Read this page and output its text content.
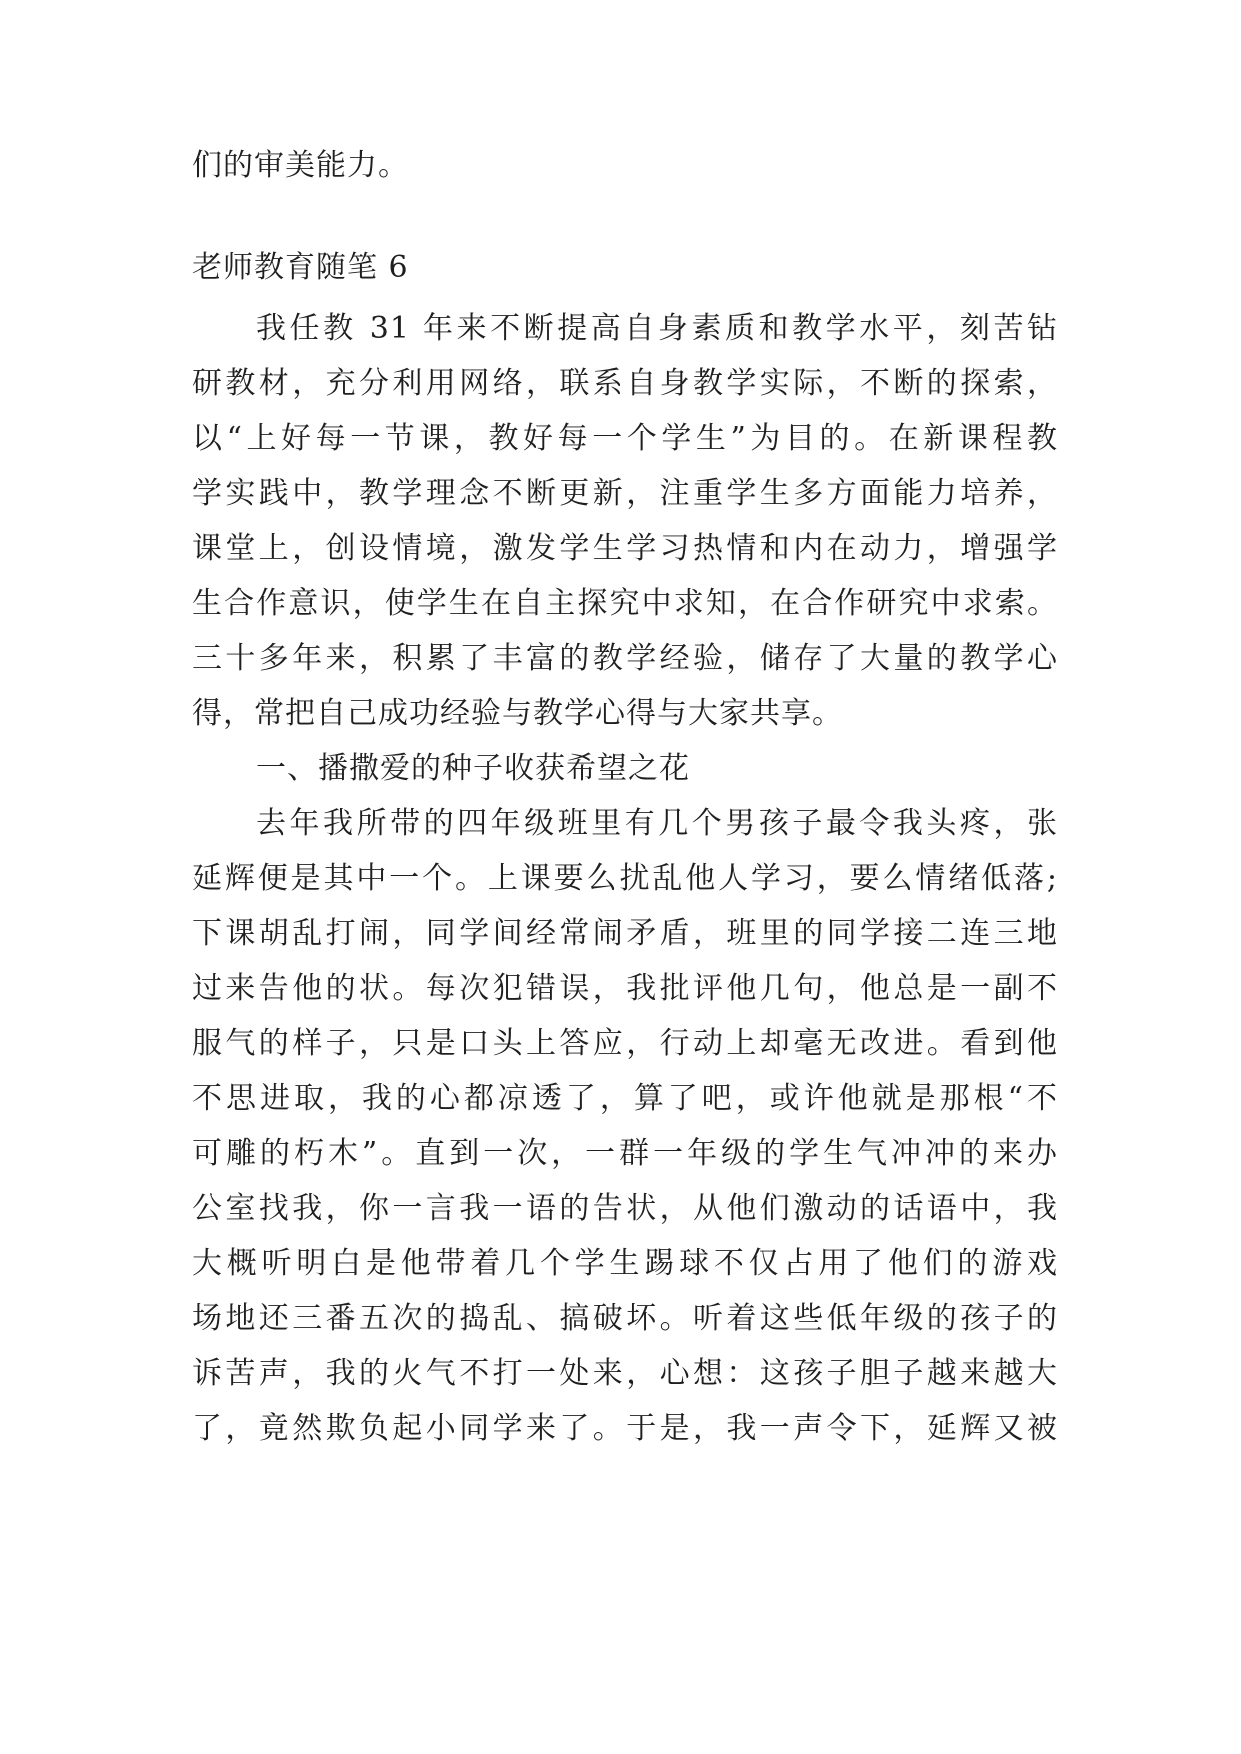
们的审美能力。

老师教育随笔 6

我任教 31 年来不断提高自身素质和教学水平，刻苦钻

研教材，充分利用网络，联系自身教学实际，不断的探索，

以“上好每一节课，教好每一个学生”为目的。在新课程教

学实践中，教学理念不断更新，注重学生多方面能力培养，

课堂上，创设情境，激发学生学习热情和内在动力，增强学

生合作意识，使学生在自主探究中求知，在合作研究中求索。

三十多年来，积累了丰富的教学经验，储存了大量的教学心

得，常把自己成功经验与教学心得与大家共享。

一、播撒爱的种子收获希望之花

去年我所带的四年级班里有几个男孩子最令我头疼，张

延辉便是其中一个。上课要么扰乱他人学习，要么情绪低落;

下课胡乱打闹，同学间经常闹矛盾，班里的同学接二连三地

过来告他的状。每次犯错误，我批评他几句，他总是一副不

服气的样子，只是口头上答应，行动上却毫无改进。看到他

不思进取，我的心都凉透了，算了吧，或许他就是那根“不

可雕的朽木”。直到一次，一群一年级的学生气冲冲的来办

公室找我，你一言我一语的告状，从他们激动的话语中，我

大概听明白是他带着几个学生踢球不仅占用了他们的游戏

场地还三番五次的捣乱、搞破坏。听着这些低年级的孩子的

诉苦声，我的火气不打一处来，心想：这孩子胆子越来越大

了，竟然欺负起小同学来了。于是，我一声令下，延辉又被
